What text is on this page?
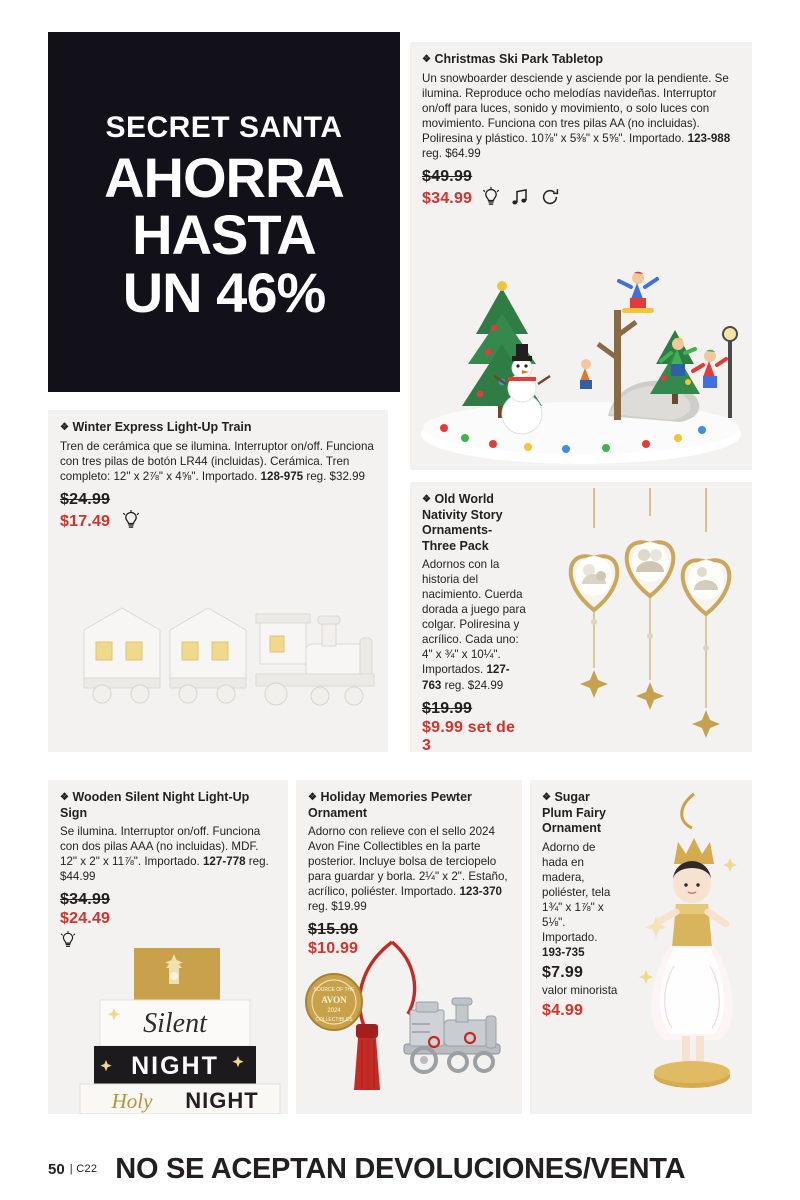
SECRET SANTA
AHORRA
HASTA
UN 46%
❖ Christmas Ski Park Tabletop
Un snowboarder desciende y asciende por la pendiente. Se ilumina. Reproduce ocho melodías navideñas. Interruptor on/off para luces, sonido y movimiento, o solo luces con movimiento. Funciona con tres pilas AA (no incluidas). Poliresina y plástico. 10⅞" x 5⅜" x 5⅝". Importado. 123-988 reg. $64.99
$49.99
$34.99
❖ Winter Express Light-Up Train
Tren de cerámica que se ilumina. Interruptor on/off. Funciona con tres pilas de botón LR44 (incluidas). Cerámica. Tren completo: 12" x 2⅞" x 4⅝". Importado. 128-975 reg. $32.99
$24.99
$17.49
❖ Old World Nativity Story Ornaments-Three Pack
Adornos con la historia del nacimiento. Cuerda dorada a juego para colgar. Poliresina y acrílico. Cada uno: 4" x ¾" x 10¼". Importados. 127-763 reg. $24.99
$19.99
$9.99 set de 3
❖ Wooden Silent Night Light-Up Sign
Se ilumina. Interruptor on/off. Funciona con dos pilas AAA (no incluidas). MDF. 12" x 2" x 11⅞". Importado. 127-778 reg. $44.99
$34.99
$24.49
Silent
NIGHT
Holy NIGHT
❖ Holiday Memories Pewter Ornament
Adorno con relieve con el sello 2024 Avon Fine Collectibles en la parte posterior. Incluye bolsa de terciopelo para guardar y borla. 2¼" x 2". Estaño, acrílico, poliéster. Importado. 123-370 reg. $19.99
$15.99
$10.99
SOURCE OF THE
AVON
2024
COLLECTIBLES
❖ Sugar Plum Fairy Ornament
Adorno de hada en madera, poliéster, tela 1¾" x 1⅞" x 5⅛". Importado. 193-735
$7.99
valor minorista
$4.99
50 | C22 NO SE ACEPTAN DEVOLUCIONES/VENTA
